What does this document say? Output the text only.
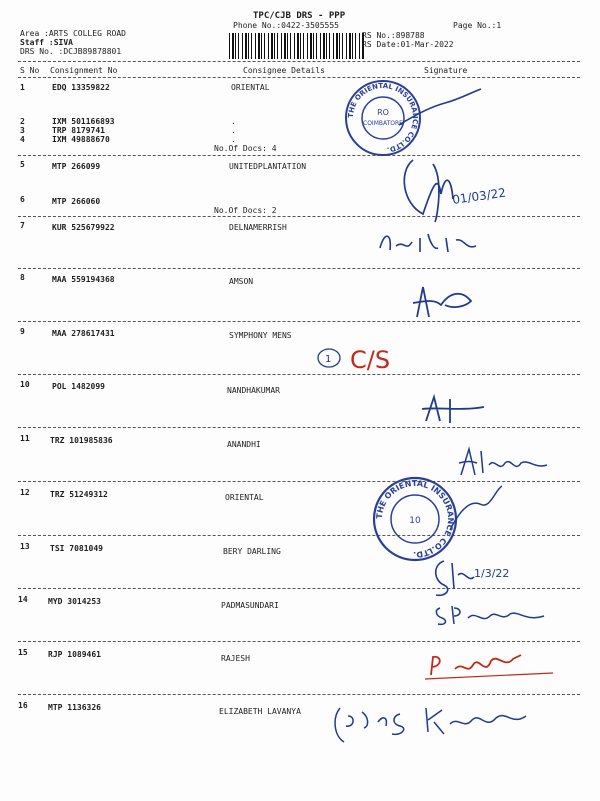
TPC/CJB DRS - PPP
Phone No.:0422-3505555	Page No.:1
Area :ARTS COLLEG ROAD
Staff :SIVA
DRS No. :DCJB89878801
RS No.:898788
RS Date:01-Mar-2022
S No Consignment No	Consignee Details	Signature
1	EDQ 13359822	ORIENTAL
2	IXM 501166893	.
3	TRP 8179741	.
4	IXM 49888670	.
No.Of Docs: 4
5	MTP 266099	UNITEDPLANTATION
6	MTP 266060
No.Of Docs: 2
7	KUR 525679922	DELNAMERRISH
8	MAA 559194368	AMSON
9	MAA 278617431	SYMPHONY MENS
10	POL 1482099	NANDHAKUMAR
11	TRZ 101985836	ANANDHI
12	TRZ 51249312	ORIENTAL
13	TSI 7081049	BERY DARLING
14	MYD 3014253	PADMASUNDARI
15	RJP 1089461	RAJESH
16	MTP 1136326	ELIZABETH LAVANYA
THE ORIENTAL INSURANCE CO.LTD.
RO
COIMBATORE
01/03/22
1 C/S
THE ORIENTAL INSURANCE CO.LTD.
10
1/3/22
